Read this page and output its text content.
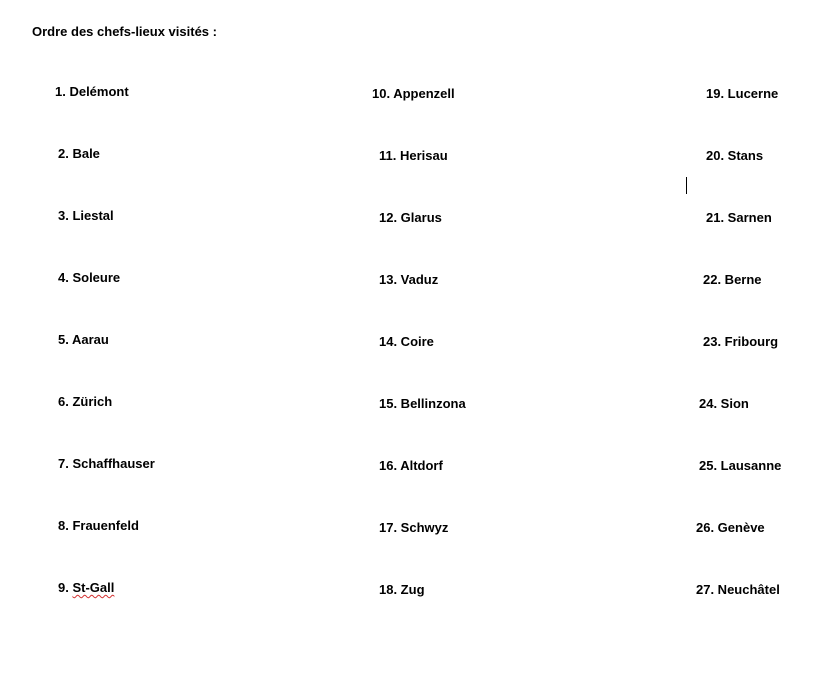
Ordre des chefs-lieux visités :
1. Delémont
2. Bale
3. Liestal
4. Soleure
5. Aarau
6. Zürich
7. Schaffhauser
8. Frauenfeld
9. St-Gall
10. Appenzell
11. Herisau
12. Glarus
13. Vaduz
14. Coire
15. Bellinzona
16. Altdorf
17. Schwyz
18. Zug
19. Lucerne
20. Stans
21. Sarnen
22. Berne
23. Fribourg
24. Sion
25. Lausanne
26. Genève
27. Neuchâtel
